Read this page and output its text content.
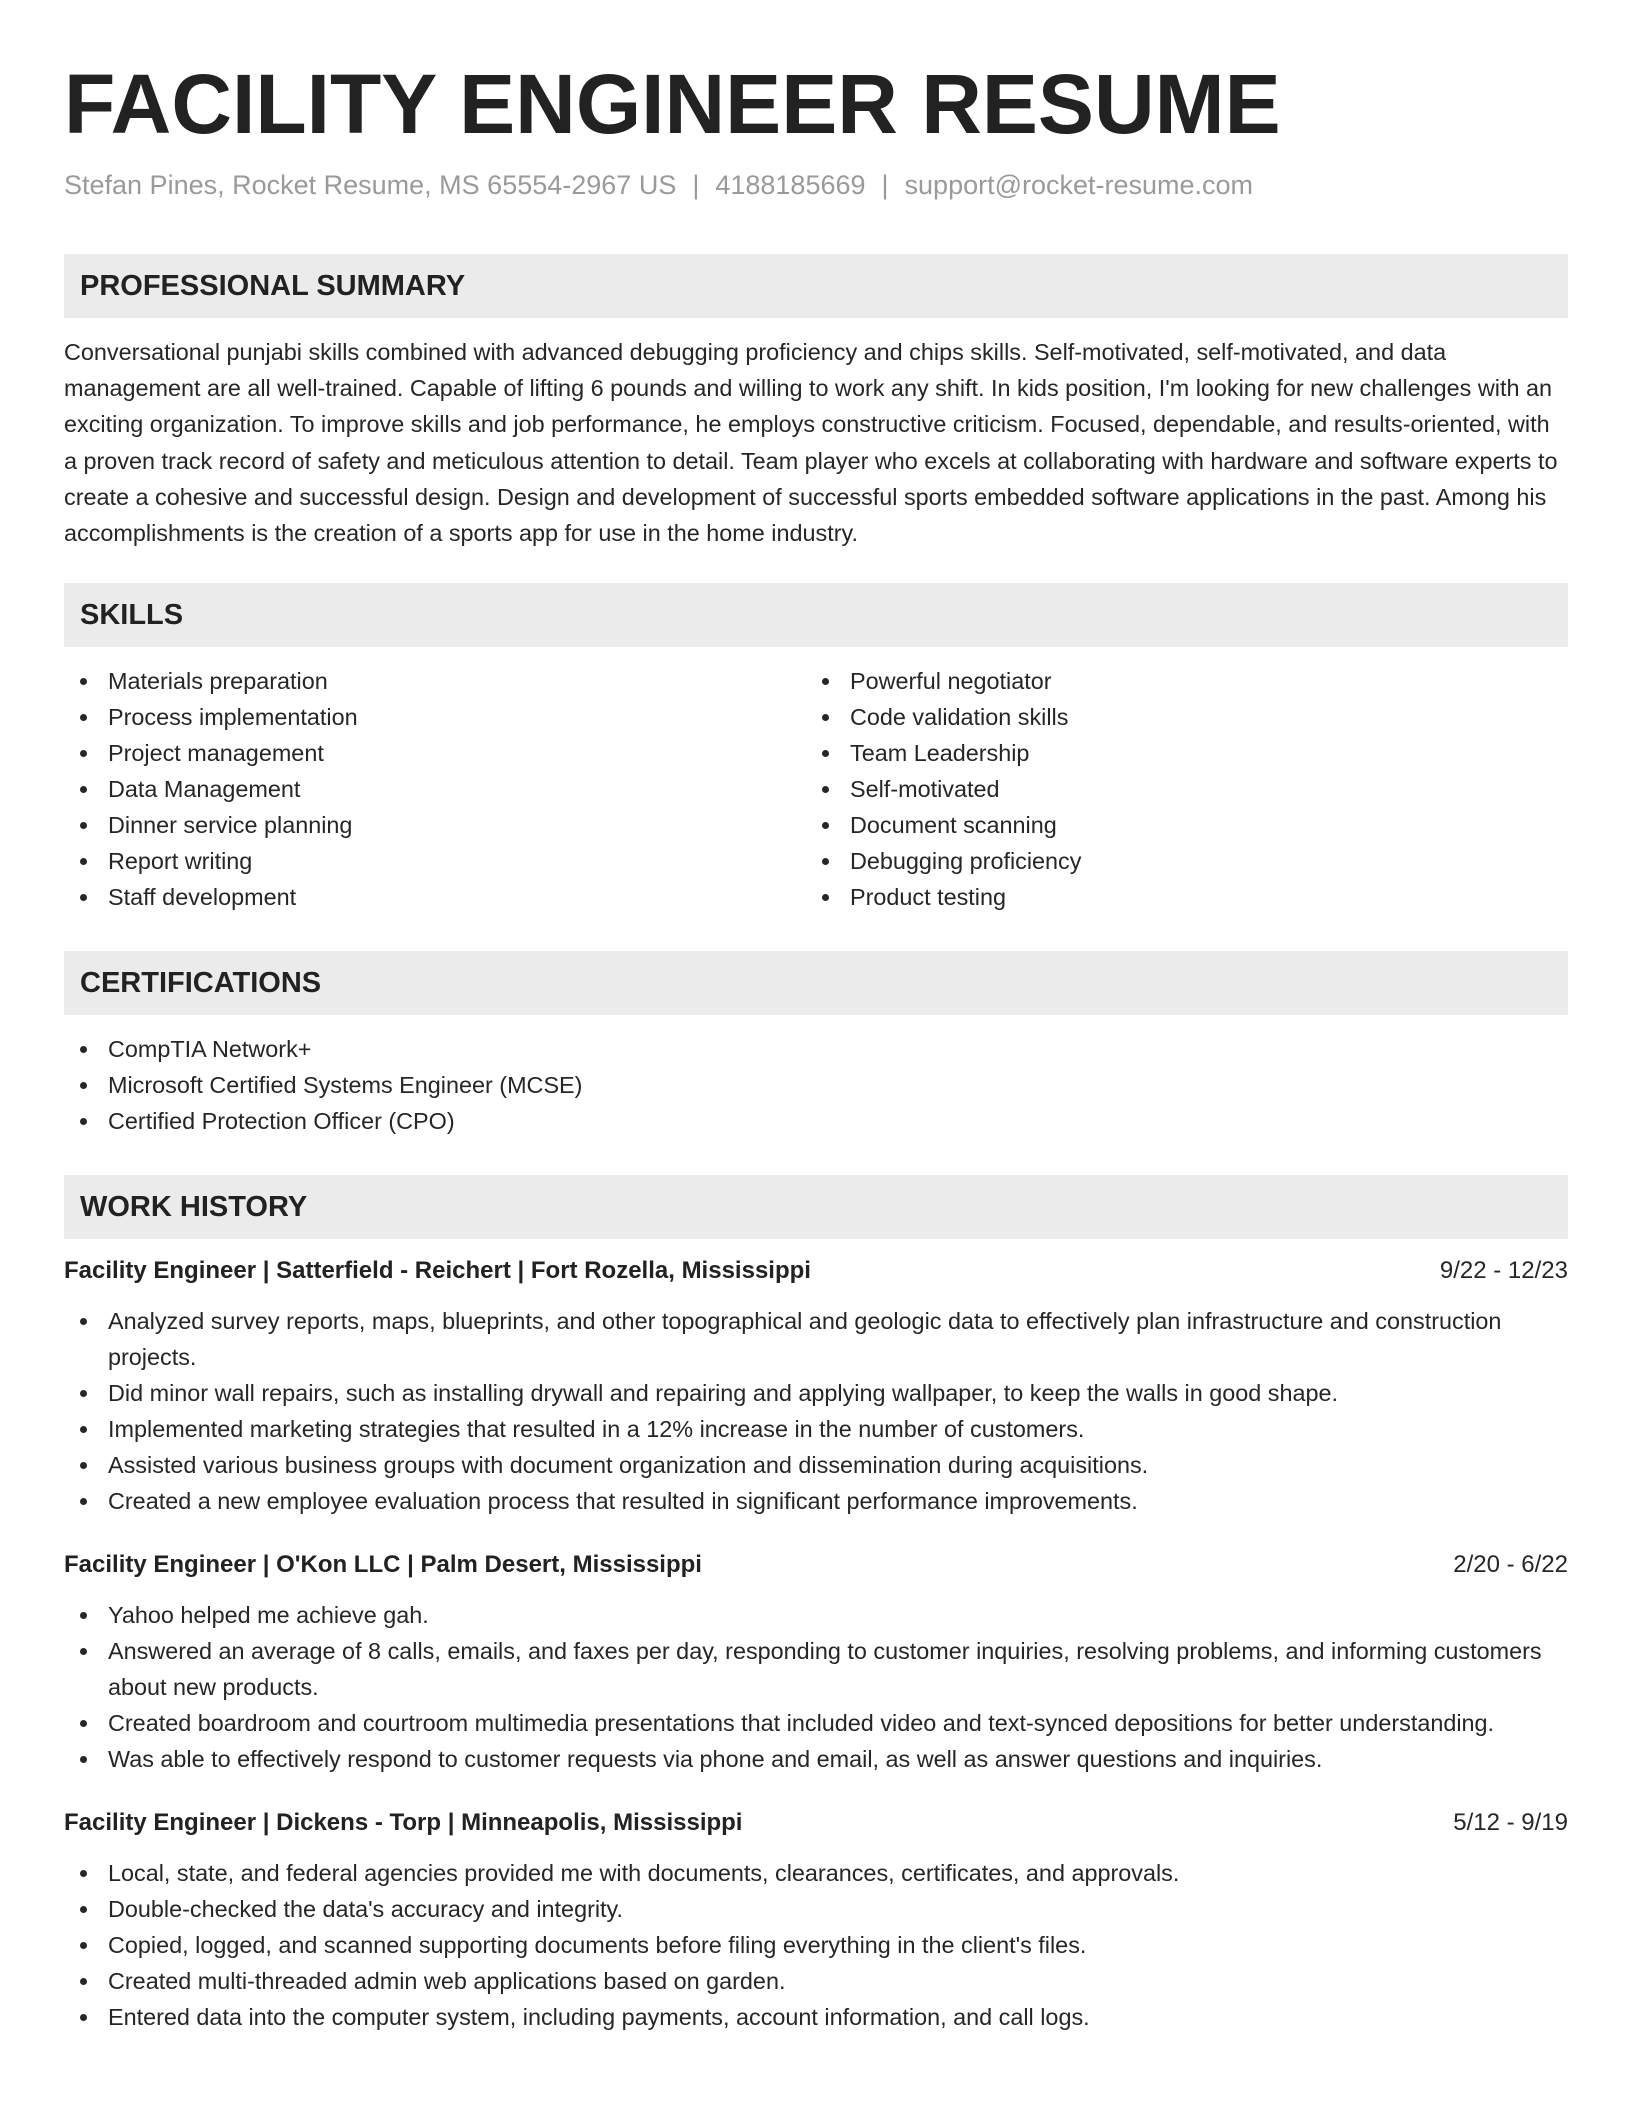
FACILITY ENGINEER RESUME
Stefan Pines, Rocket Resume, MS 65554-2967 US | 4188185669 | support@rocket-resume.com
PROFESSIONAL SUMMARY

Conversational punjabi skills combined with advanced debugging proficiency and chips skills. Self-motivated, self-motivated, and data management are all well-trained. Capable of lifting 6 pounds and willing to work any shift. In kids position, I'm looking for new challenges with an exciting organization. To improve skills and job performance, he employs constructive criticism. Focused, dependable, and results-oriented, with a proven track record of safety and meticulous attention to detail. Team player who excels at collaborating with hardware and software experts to create a cohesive and successful design. Design and development of successful sports embedded software applications in the past. Among his accomplishments is the creation of a sports app for use in the home industry.

SKILLS
Materials preparation
Process implementation
Project management
Data Management
Dinner service planning
Report writing
Staff development
Powerful negotiator
Code validation skills
Team Leadership
Self-motivated
Document scanning
Debugging proficiency
Product testing
CERTIFICATIONS
CompTIA Network+
Microsoft Certified Systems Engineer (MCSE)
Certified Protection Officer (CPO)
WORK HISTORY
Facility Engineer | Satterfield - Reichert | Fort Rozella, Mississippi	9/22 - 12/23
Analyzed survey reports, maps, blueprints, and other topographical and geologic data to effectively plan infrastructure and construction projects.
Did minor wall repairs, such as installing drywall and repairing and applying wallpaper, to keep the walls in good shape.
Implemented marketing strategies that resulted in a 12% increase in the number of customers.
Assisted various business groups with document organization and dissemination during acquisitions.
Created a new employee evaluation process that resulted in significant performance improvements.
Facility Engineer | O'Kon LLC | Palm Desert, Mississippi	2/20 - 6/22
Yahoo helped me achieve gah.
Answered an average of 8 calls, emails, and faxes per day, responding to customer inquiries, resolving problems, and informing customers about new products.
Created boardroom and courtroom multimedia presentations that included video and text-synced depositions for better understanding.
Was able to effectively respond to customer requests via phone and email, as well as answer questions and inquiries.
Facility Engineer | Dickens - Torp | Minneapolis, Mississippi	5/12 - 9/19
Local, state, and federal agencies provided me with documents, clearances, certificates, and approvals.
Double-checked the data's accuracy and integrity.
Copied, logged, and scanned supporting documents before filing everything in the client's files.
Created multi-threaded admin web applications based on garden.
Entered data into the computer system, including payments, account information, and call logs.
